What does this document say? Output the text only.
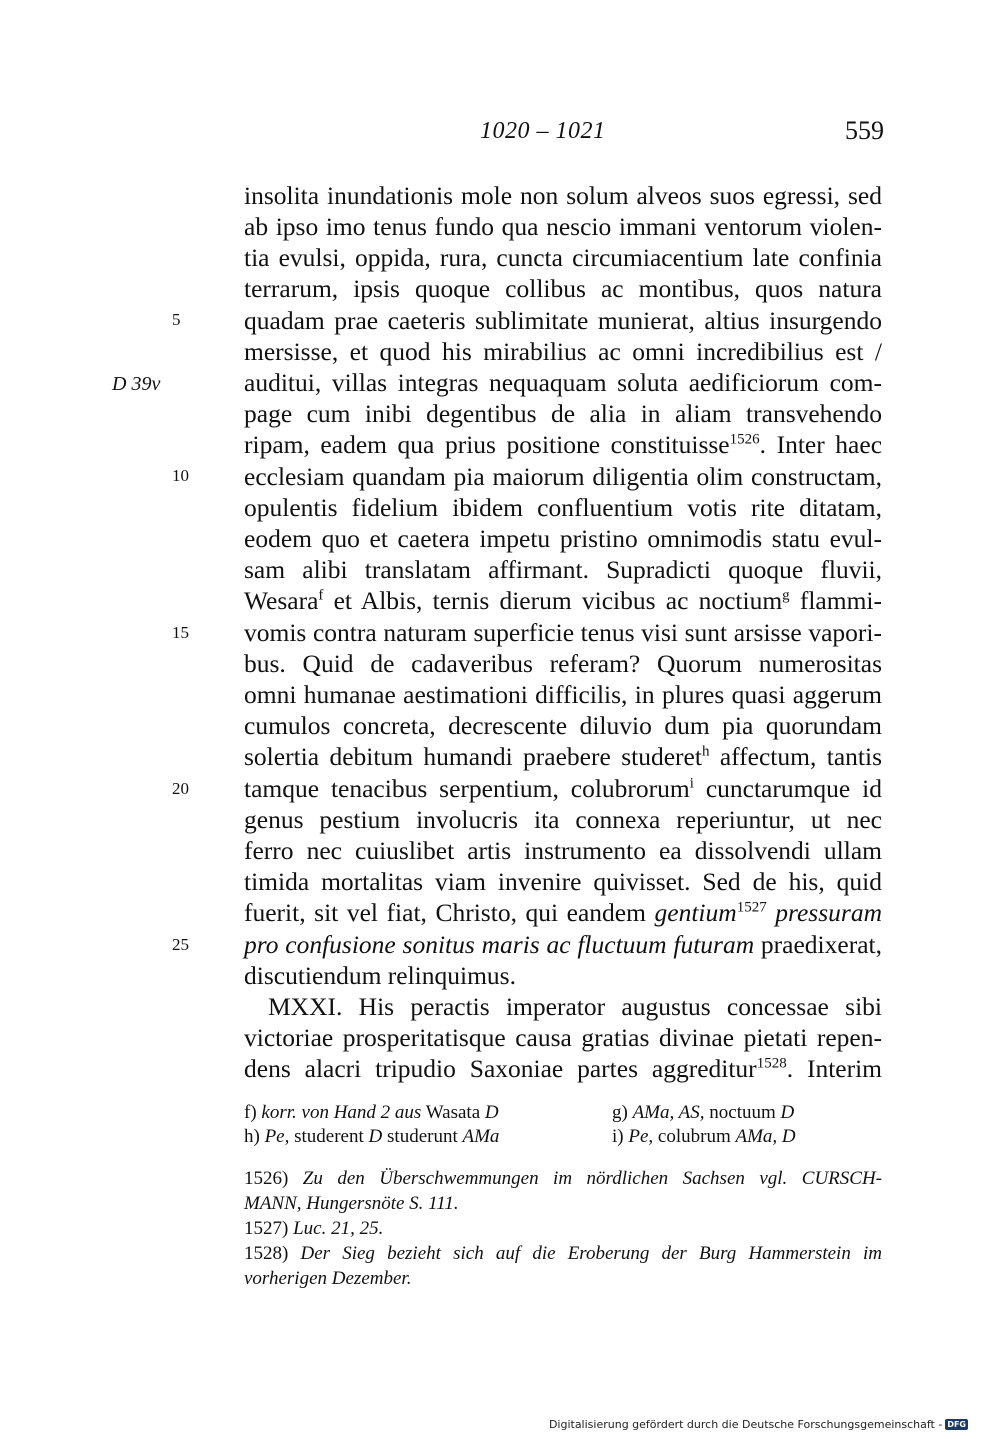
1020 – 1021	559
D 39v
5
10
15
20
25
insolita inundationis mole non solum alveos suos egressi, sed
ab ipso imo tenus fundo qua nescio immani ventorum violen-
tia evulsi, oppida, rura, cuncta circumiacentium late confinia
terrarum, ipsis quoque collibus ac montibus, quos natura
quadam prae caeteris sublimitate munierat, altius insurgendo
mersisse, et quod his mirabilius ac omni incredibilius est /
auditui, villas integras nequaquam soluta aedificiorum com-
page cum inibi degentibus de alia in aliam transvehendo
ripam, eadem qua prius positione constituisse$^{1526}$. Inter haec
ecclesiam quandam pia maiorum diligentia olim constructam,
opulentis fidelium ibidem confluentium votis rite ditatam,
eodem quo et caetera impetu pristino omnimodis statu evul-
sam alibi translatam affirmant. Supradicti quoque fluvii,
Wesara$^f$ et Albis, ternis dierum vicibus ac noctium$^g$ flammi-
vomis contra naturam superficie tenus visi sunt arsisse vapori-
bus. Quid de cadaveribus referam? Quorum numerositas
omni humanae aestimationi difficilis, in plures quasi aggerum
cumulos concreta, decrescente diluvio dum pia quorundam
solertia debitum humandi praebere studeret$^h$ affectum, tantis
tamque tenacibus serpentium, colubrorum$^i$ cunctarumque id
genus pestium involucris ita connexa reperiuntur, ut nec
ferro nec cuiuslibet artis instrumento ea dissolvendi ullam
timida mortalitas viam invenire quivisset. Sed de his, quid
fuerit, sit vel fiat, Christo, qui eandem gentium$^{1527}$ pressuram
pro confusione sonitus maris ac fluctuum futuram praedixerat,
discutiendum relinquimus.
MXXI. His peractis imperator augustus concessae sibi
victoriae prosperitatisque causa gratias divinae pietati repen-
dens alacri tripudio Saxoniae partes aggreditur$^{1528}$. Interim
f) korr. von Hand 2 aus Wasata D	g) AMa, AS, noctuum D
h) Pe, studerent D studerunt AMa	i) Pe, colubrum AMa, D
1526) Zu den Überschwemmungen im nördlichen Sachsen vgl. CURSCH-
MANN, Hungersnöte S. 111.
1527) Luc. 21, 25.
1528) Der Sieg bezieht sich auf die Eroberung der Burg Hammerstein im
vorherigen Dezember.
Digitalisierung gefördert durch die Deutsche Forschungsgemeinschaft - DFG
